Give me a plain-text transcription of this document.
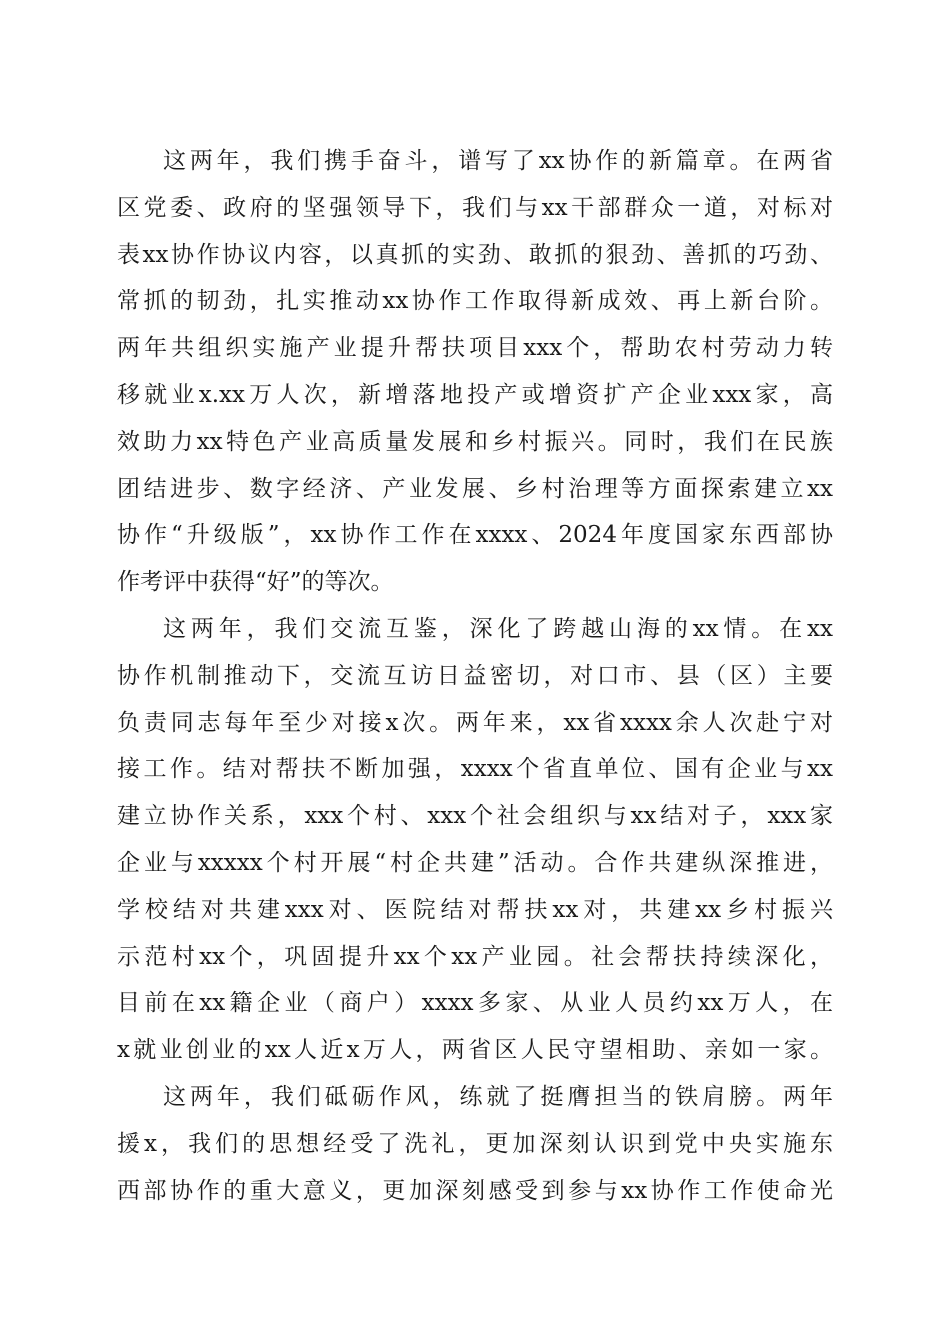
这两年，我们携手奋斗，谱写了xx协作的新篇章。在两省
区党委、政府的坚强领导下，我们与xx干部群众一道，对标对
表xx协作协议内容，以真抓的实劲、敢抓的狠劲、善抓的巧劲、
常抓的韧劲，扎实推动xx协作工作取得新成效、再上新台阶。
两年共组织实施产业提升帮扶项目xxx个，帮助农村劳动力转
移就业x.xx万人次，新增落地投产或增资扩产企业xxx家，高
效助力xx特色产业高质量发展和乡村振兴。同时，我们在民族
团结进步、数字经济、产业发展、乡村治理等方面探索建立xx
协作“升级版”，xx协作工作在xxxx、2024年度国家东西部协
作考评中获得“好”的等次。
这两年，我们交流互鉴，深化了跨越山海的xx情。在xx
协作机制推动下，交流互访日益密切，对口市、县（区）主要
负责同志每年至少对接x次。两年来，xx省xxxx余人次赴宁对
接工作。结对帮扶不断加强，xxxx个省直单位、国有企业与xx
建立协作关系，xxx个村、xxx个社会组织与xx结对子，xxx家
企业与xxxxx个村开展“村企共建”活动。合作共建纵深推进，
学校结对共建xxx对、医院结对帮扶xx对，共建xx乡村振兴
示范村xx个，巩固提升xx个xx产业园。社会帮扶持续深化，
目前在xx籍企业（商户）xxxx多家、从业人员约xx万人，在
x就业创业的xx人近x万人，两省区人民守望相助、亲如一家。
这两年，我们砥砺作风，练就了挺膺担当的铁肩膀。两年
援x，我们的思想经受了洗礼，更加深刻认识到党中央实施东
西部协作的重大意义，更加深刻感受到参与xx协作工作使命光
